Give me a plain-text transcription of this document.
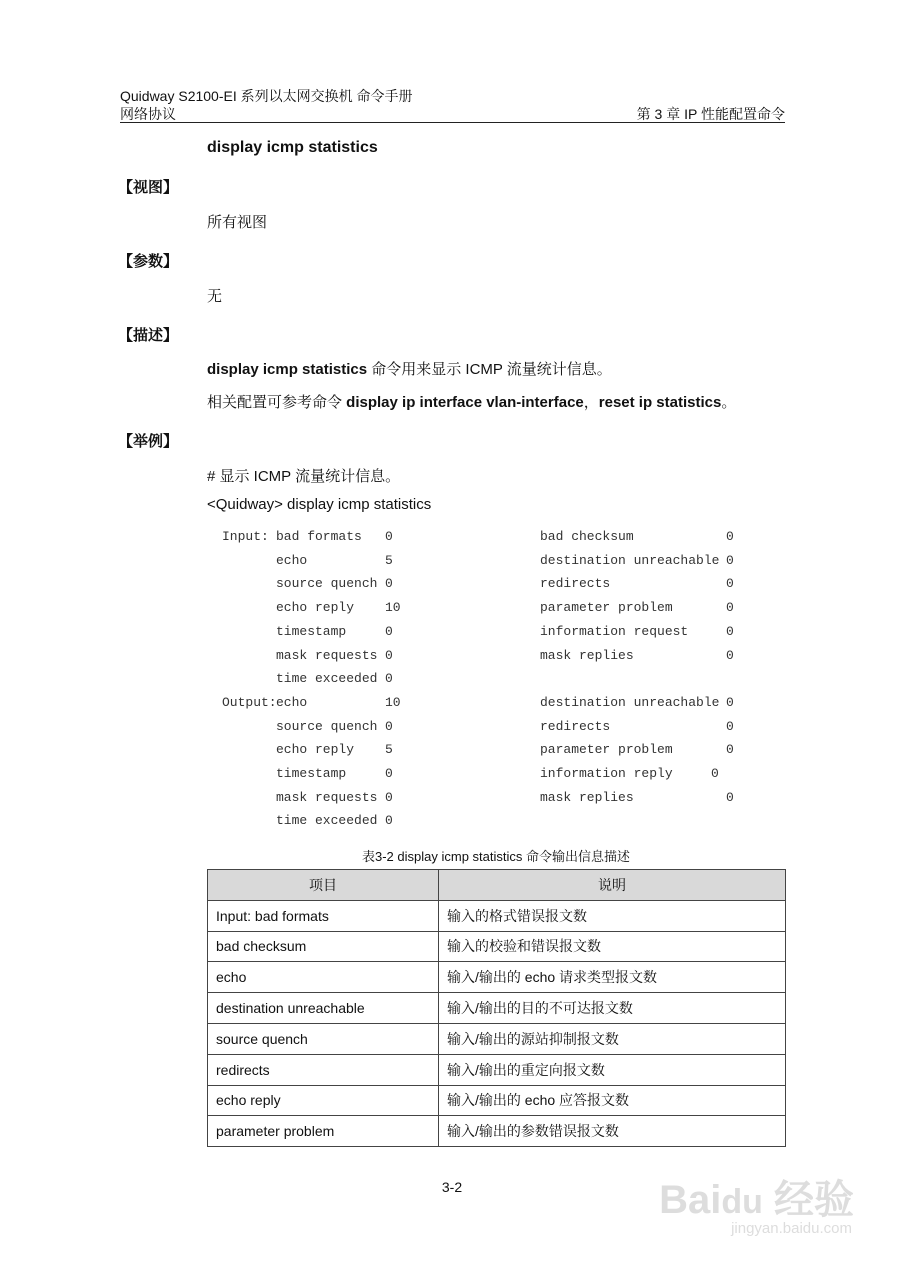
Quidway S2100-EI 系列以太网交换机 命令手册
网络协议	第 3 章 IP 性能配置命令
display icmp statistics
【视图】
所有视图
【参数】
无
【描述】
display icmp statistics 命令用来显示 ICMP 流量统计信息。
相关配置可参考命令 display ip interface vlan-interface，reset ip statistics。
【举例】
# 显示 ICMP 流量统计信息。
<Quidway> display icmp statistics
Input: bad formats 0	bad checksum	0
echo	5	destination unreachable 0
source quench 0	redirects	0
echo reply 10	parameter problem	0
timestamp	0	information request	0
mask requests 0	mask replies	0
time exceeded 0
Output: echo	10	destination unreachable 0
source quench 0	redirects	0
echo reply 5	parameter problem	0
timestamp	0	information reply	0
mask requests 0	mask replies	0
time exceeded 0
表3-2 display icmp statistics 命令输出信息描述
项目	说明
Input: bad formats	输入的格式错误报文数
bad checksum	输入的校验和错误报文数
echo	输入/输出的 echo 请求类型报文数
destination unreachable	输入/输出的目的不可达报文数
source quench	输入/输出的源站抑制报文数
redirects	输入/输出的重定向报文数
echo reply	输入/输出的 echo 应答报文数
parameter problem	输入/输出的参数错误报文数
3-2	Baidu 经验
jingyan.baidu.com
